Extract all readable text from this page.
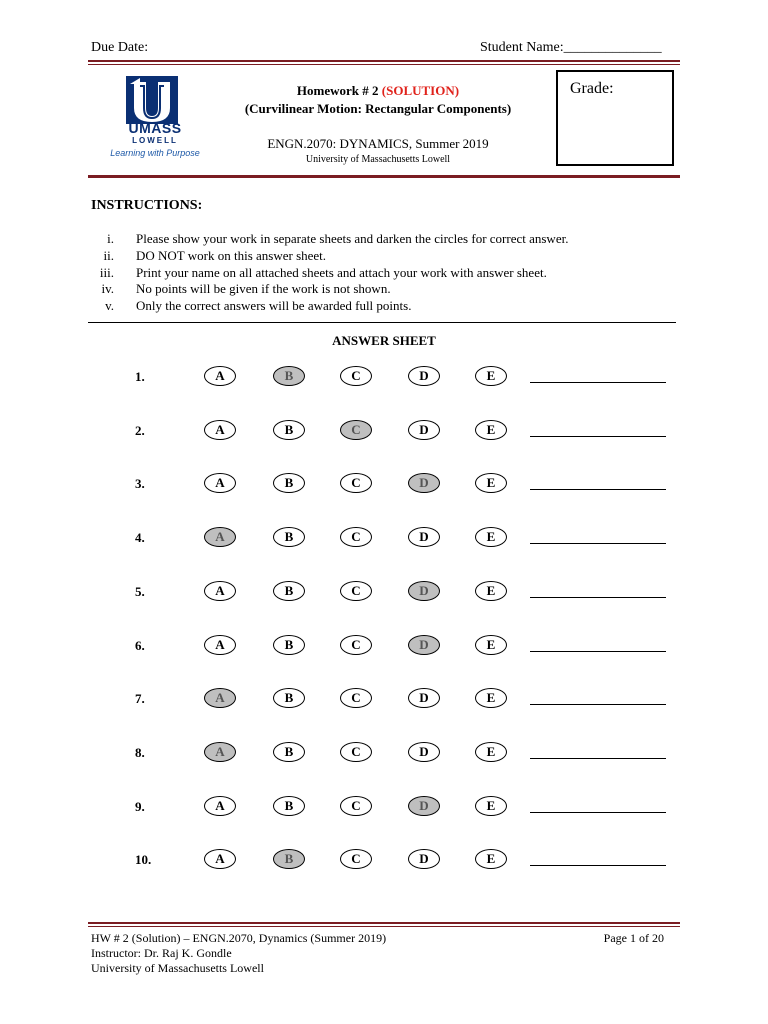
Due Date:	Student Name:______________
UMASS
LOWELL
Learning with Purpose
Homework # 2 (SOLUTION)
(Curvilinear Motion: Rectangular Components)
ENGN.2070: DYNAMICS, Summer 2019
University of Massachusetts Lowell
Grade:
INSTRUCTIONS:
i. Please show your work in separate sheets and darken the circles for correct answer.
ii. DO NOT work on this answer sheet.
iii. Print your name on all attached sheets and attach your work with answer sheet.
iv. No points will be given if the work is not shown.
v. Only the correct answers will be awarded full points.
ANSWER SHEET
1.	A	B	C	D	E
2.	A	B	C	D	E
3.	A	B	C	D	E
4.	A	B	C	D	E
5.	A	B	C	D	E
6.	A	B	C	D	E
7.	A	B	C	D	E
8.	A	B	C	D	E
9.	A	B	C	D	E
10.	A	B	C	D	E
HW # 2 (Solution) – ENGN.2070, Dynamics (Summer 2019)
Instructor: Dr. Raj K. Gondle
University of Massachusetts Lowell
Page 1 of 20
